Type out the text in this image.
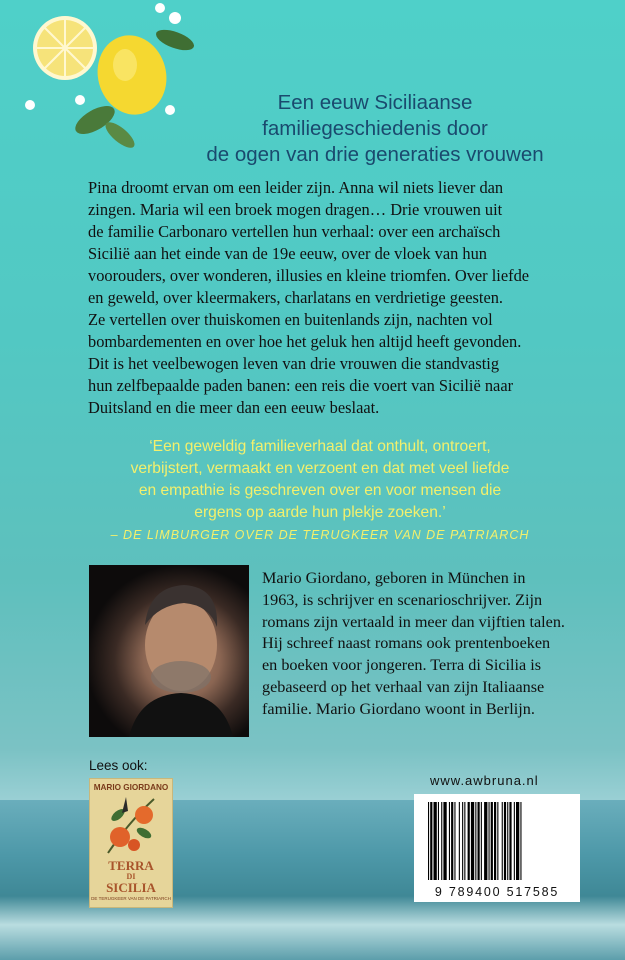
Een eeuw Siciliaanse
familiegeschiedenis door
de ogen van drie generaties vrouwen
Pina droomt ervan om een leider zijn. Anna wil niets liever dan
zingen. Maria wil een broek mogen dragen… Drie vrouwen uit
de familie Carbonaro vertellen hun verhaal: over een archaïsch
Sicilië aan het einde van de 19e eeuw, over de vloek van hun
voorouders, over wonderen, illusies en kleine triomfen. Over liefde
en geweld, over kleermakers, charlatans en verdrietige geesten.
Ze vertellen over thuiskomen en buitenlands zijn, nachten vol
bombardementen en over hoe het geluk hen altijd heeft gevonden.
Dit is het veelbewogen leven van drie vrouwen die standvastig
hun zelfbepaalde paden banen: een reis die voert van Sicilië naar
Duitsland en die meer dan een eeuw beslaat.
‘Een geweldig familieverhaal dat onthult, ontroert,
verbijstert, vermaakt en verzoent en dat met veel liefde
en empathie is geschreven over en voor mensen die
ergens op aarde hun plekje zoeken.’
– DE LIMBURGER OVER DE TERUGKEER VAN DE PATRIARCH
Mario Giordano, geboren in München in
1963, is schrijver en scenarioschrijver. Zijn
romans zijn vertaald in meer dan vijftien talen.
Hij schreef naast romans ook prentenboeken
en boeken voor jongeren. Terra di Sicilia is
gebaseerd op het verhaal van zijn Italiaanse
familie. Mario Giordano woont in Berlijn.
Lees ook:
MARIO GIORDANO
TERRA
DI
SICILIA
DE TERUGKEER VAN DE PATRIARCH
www.awbruna.nl
9 789400 517585
